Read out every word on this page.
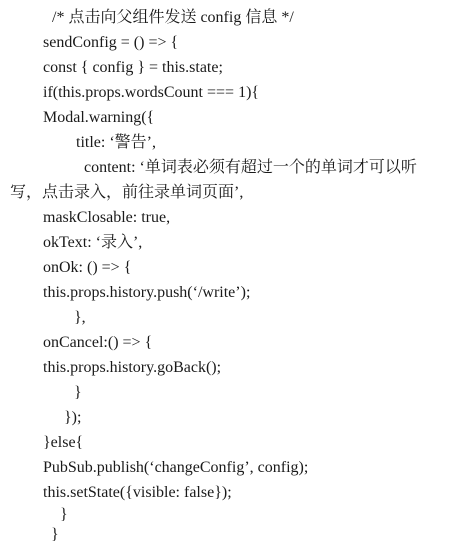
/* 点击向父组件发送 config 信息 */
sendConfig = () => {
const { config } = this.state;
if(this.props.wordsCount === 1){
Modal.warning({
title: ‘警告’,
content: ‘单词表必须有超过一个的单词才可以听
写，点击录入，前往录单词页面’,
maskClosable: true,
okText: ‘录入’,
onOk: () => {
this.props.history.push(‘/write’);
},
onCancel:() => {
this.props.history.goBack();
}
});
}else{
PubSub.publish(‘changeConfig’, config);
this.setState({visible: false});
}
}
